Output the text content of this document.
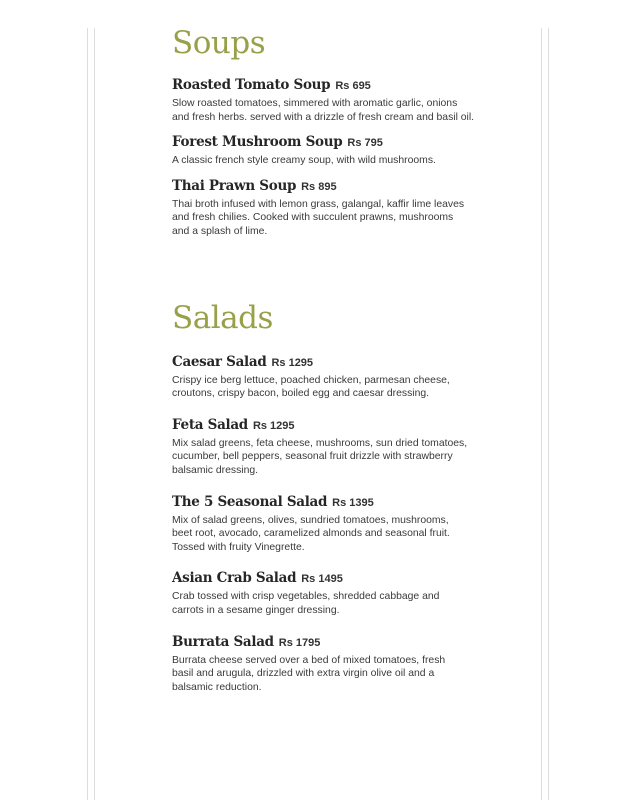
Soups
Roasted Tomato Soup Rs 695

Slow roasted tomatoes, simmered with aromatic garlic, onions
and fresh herbs. served with a drizzle of fresh cream and basil oil.

Forest Mushroom Soup Rs 795

A classic french style creamy soup, with wild mushrooms.

Thai Prawn Soup Rs 895

Thai broth infused with lemon grass, galangal, kaffir lime leaves
and fresh chilies. Cooked with succulent prawns, mushrooms
and a splash of lime.

Salads
Caesar Salad Rs 1295

Crispy ice berg lettuce, poached chicken, parmesan cheese,
croutons, crispy bacon, boiled egg and caesar dressing.

Feta Salad Rs 1295

Mix salad greens, feta cheese, mushrooms, sun dried tomatoes,
cucumber, bell peppers, seasonal fruit drizzle with strawberry
balsamic dressing.

The 5 Seasonal Salad Rs 1395

Mix of salad greens, olives, sundried tomatoes, mushrooms,
beet root, avocado, caramelized almonds and seasonal fruit.
Tossed with fruity Vinegrette.

Asian Crab Salad Rs 1495

Crab tossed with crisp vegetables, shredded cabbage and
carrots in a sesame ginger dressing.

Burrata Salad Rs 1795

Burrata cheese served over a bed of mixed tomatoes, fresh
basil and arugula, drizzled with extra virgin olive oil and a
balsamic reduction.
